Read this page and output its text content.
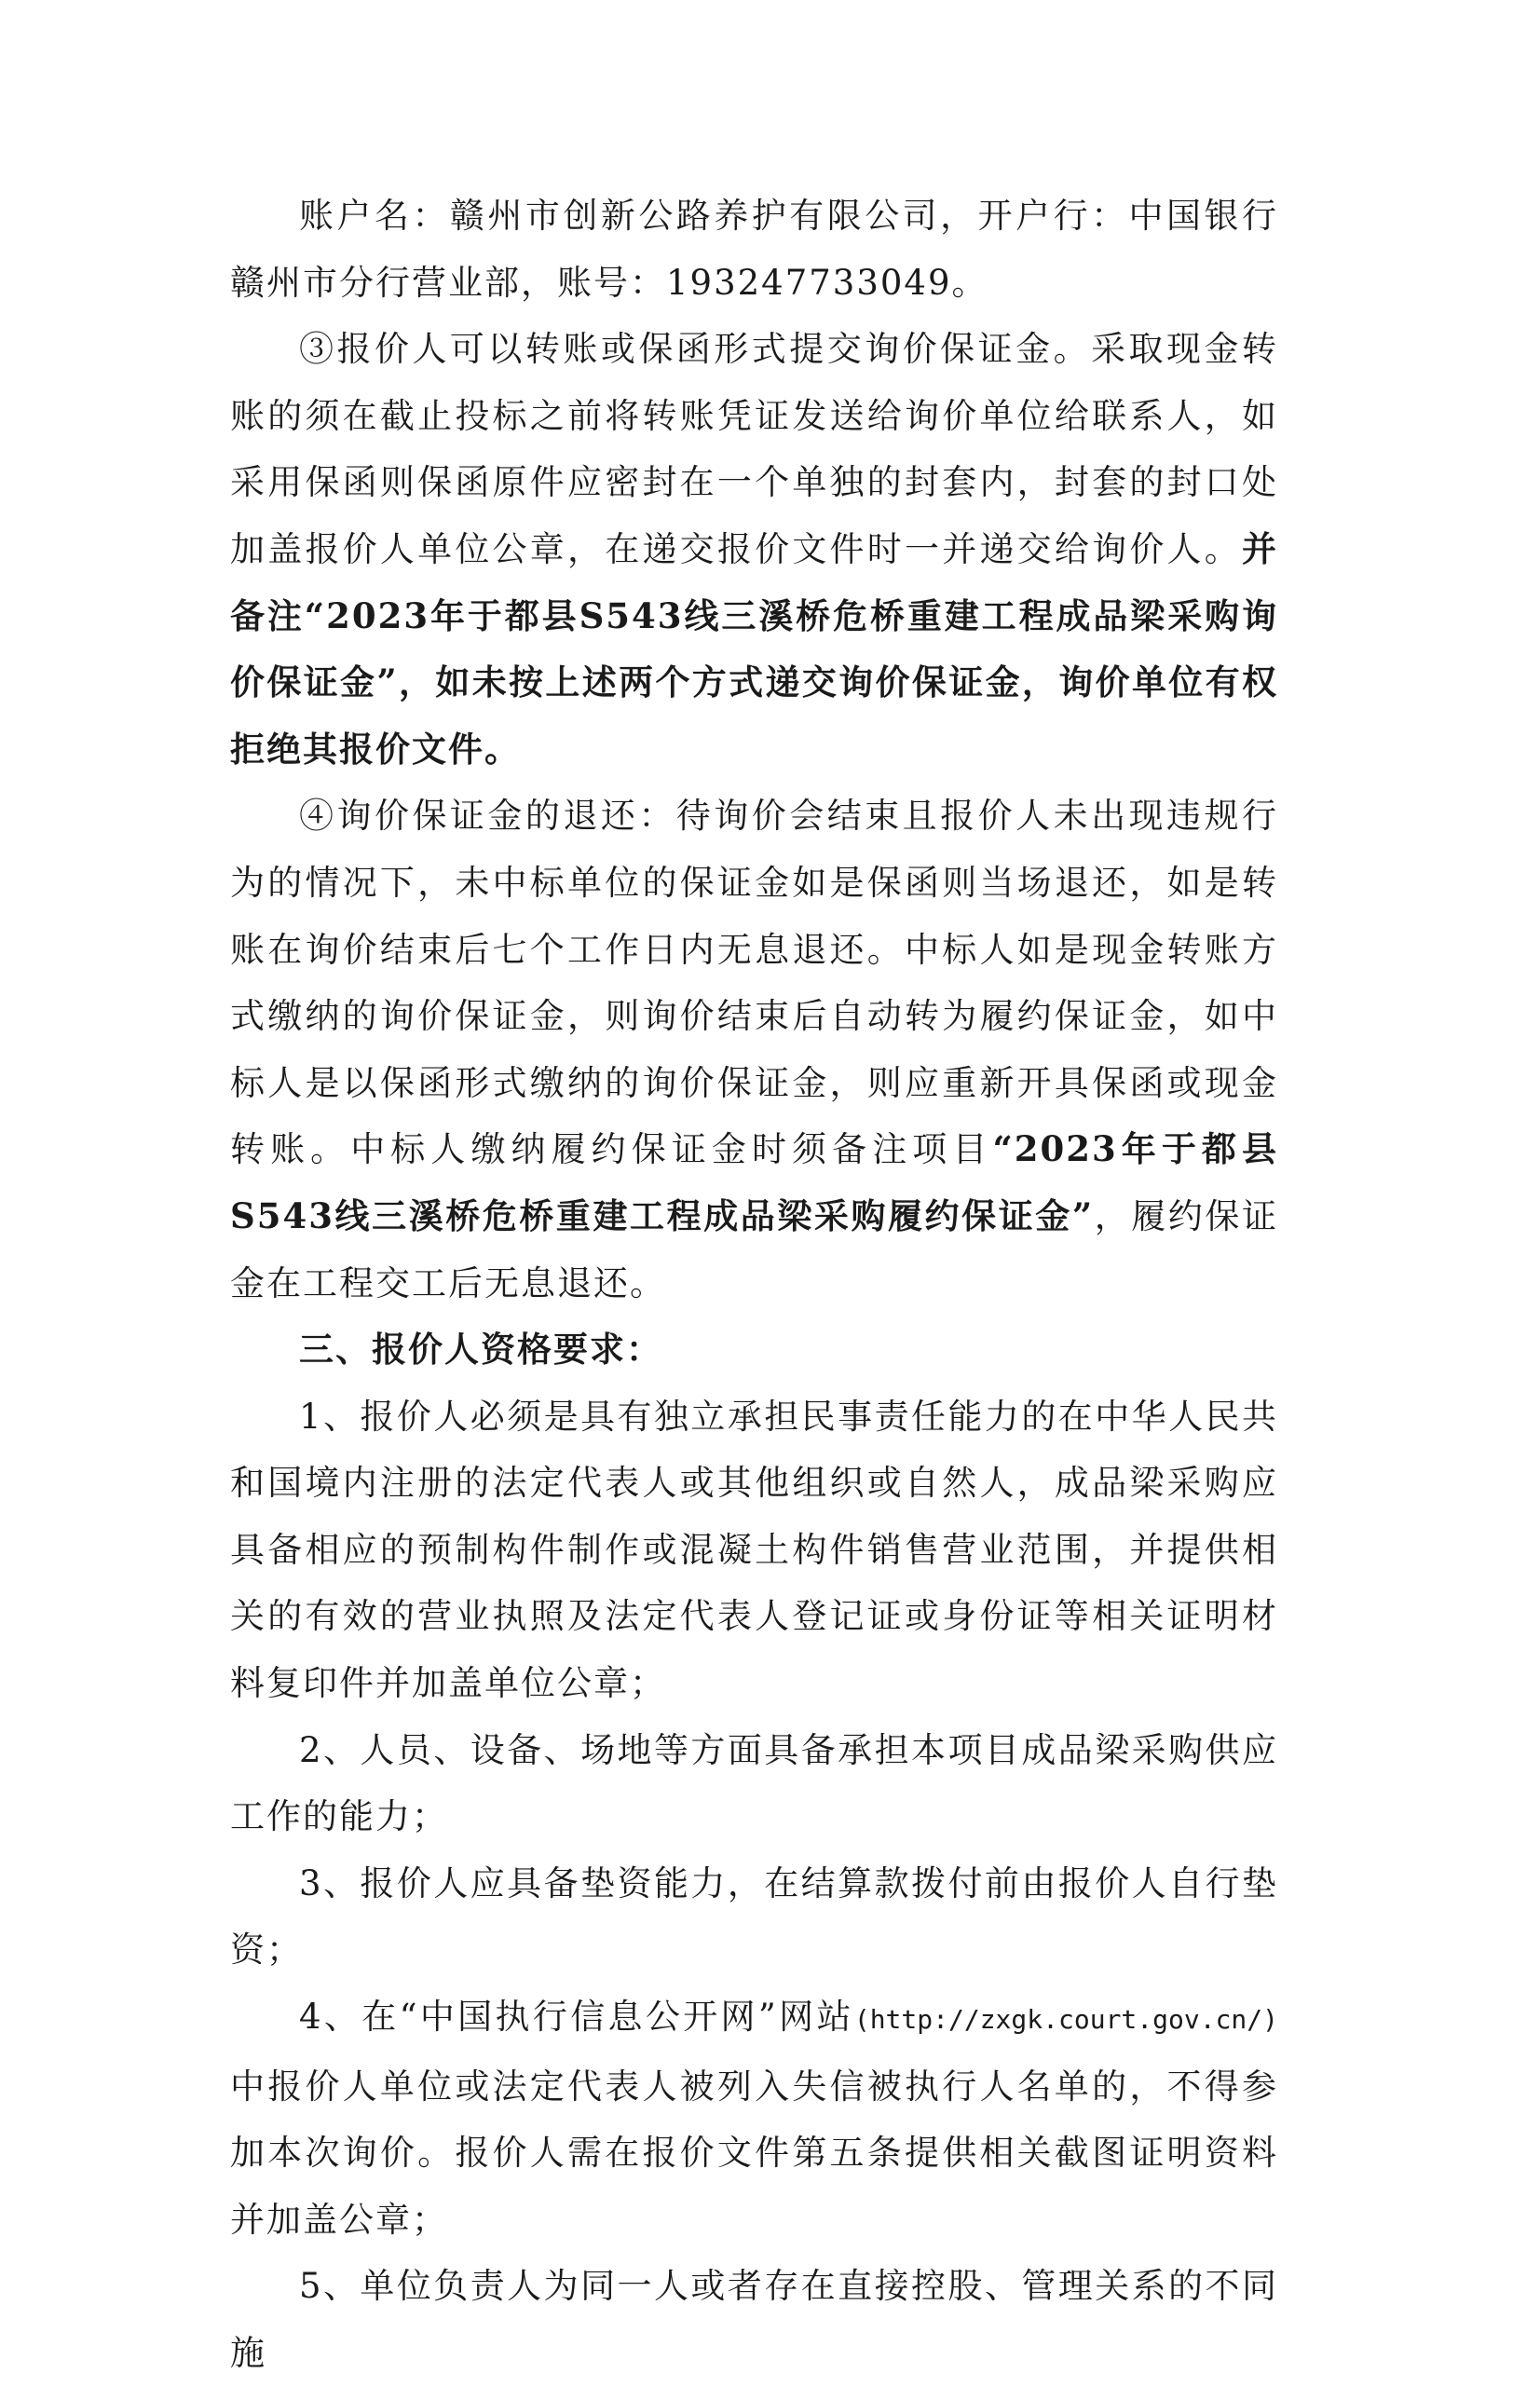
账户名：赣州市创新公路养护有限公司，开户行：中国银行赣州市分行营业部，账号：193247733049。

③报价人可以转账或保函形式提交询价保证金。采取现金转账的须在截止投标之前将转账凭证发送给询价单位给联系人，如采用保函则保函原件应密封在一个单独的封套内，封套的封口处加盖报价人单位公章，在递交报价文件时一并递交给询价人。并备注“2023年于都县S543线三溪桥危桥重建工程成品梁采购询价保证金”，如未按上述两个方式递交询价保证金，询价单位有权拒绝其报价文件。

④询价保证金的退还：待询价会结束且报价人未出现违规行为的情况下，未中标单位的保证金如是保函则当场退还，如是转账在询价结束后七个工作日内无息退还。中标人如是现金转账方式缴纳的询价保证金，则询价结束后自动转为履约保证金，如中标人是以保函形式缴纳的询价保证金，则应重新开具保函或现金转账。中标人缴纳履约保证金时须备注项目“2023年于都县S543线三溪桥危桥重建工程成品梁采购履约保证金”，履约保证金在工程交工后无息退还。

三、报价人资格要求：

1、报价人必须是具有独立承担民事责任能力的在中华人民共和国境内注册的法定代表人或其他组织或自然人，成品梁采购应具备相应的预制构件制作或混凝土构件销售营业范围，并提供相关的有效的营业执照及法定代表人登记证或身份证等相关证明材料复印件并加盖单位公章；

2、人员、设备、场地等方面具备承担本项目成品梁采购供应工作的能力；

3、报价人应具备垫资能力，在结算款拨付前由报价人自行垫资；

4、在“中国执行信息公开网”网站(http://zxgk.court.gov.cn/)中报价人单位或法定代表人被列入失信被执行人名单的，不得参加本次询价。报价人需在报价文件第五条提供相关截图证明资料并加盖公章；

5、单位负责人为同一人或者存在直接控股、管理关系的不同施
